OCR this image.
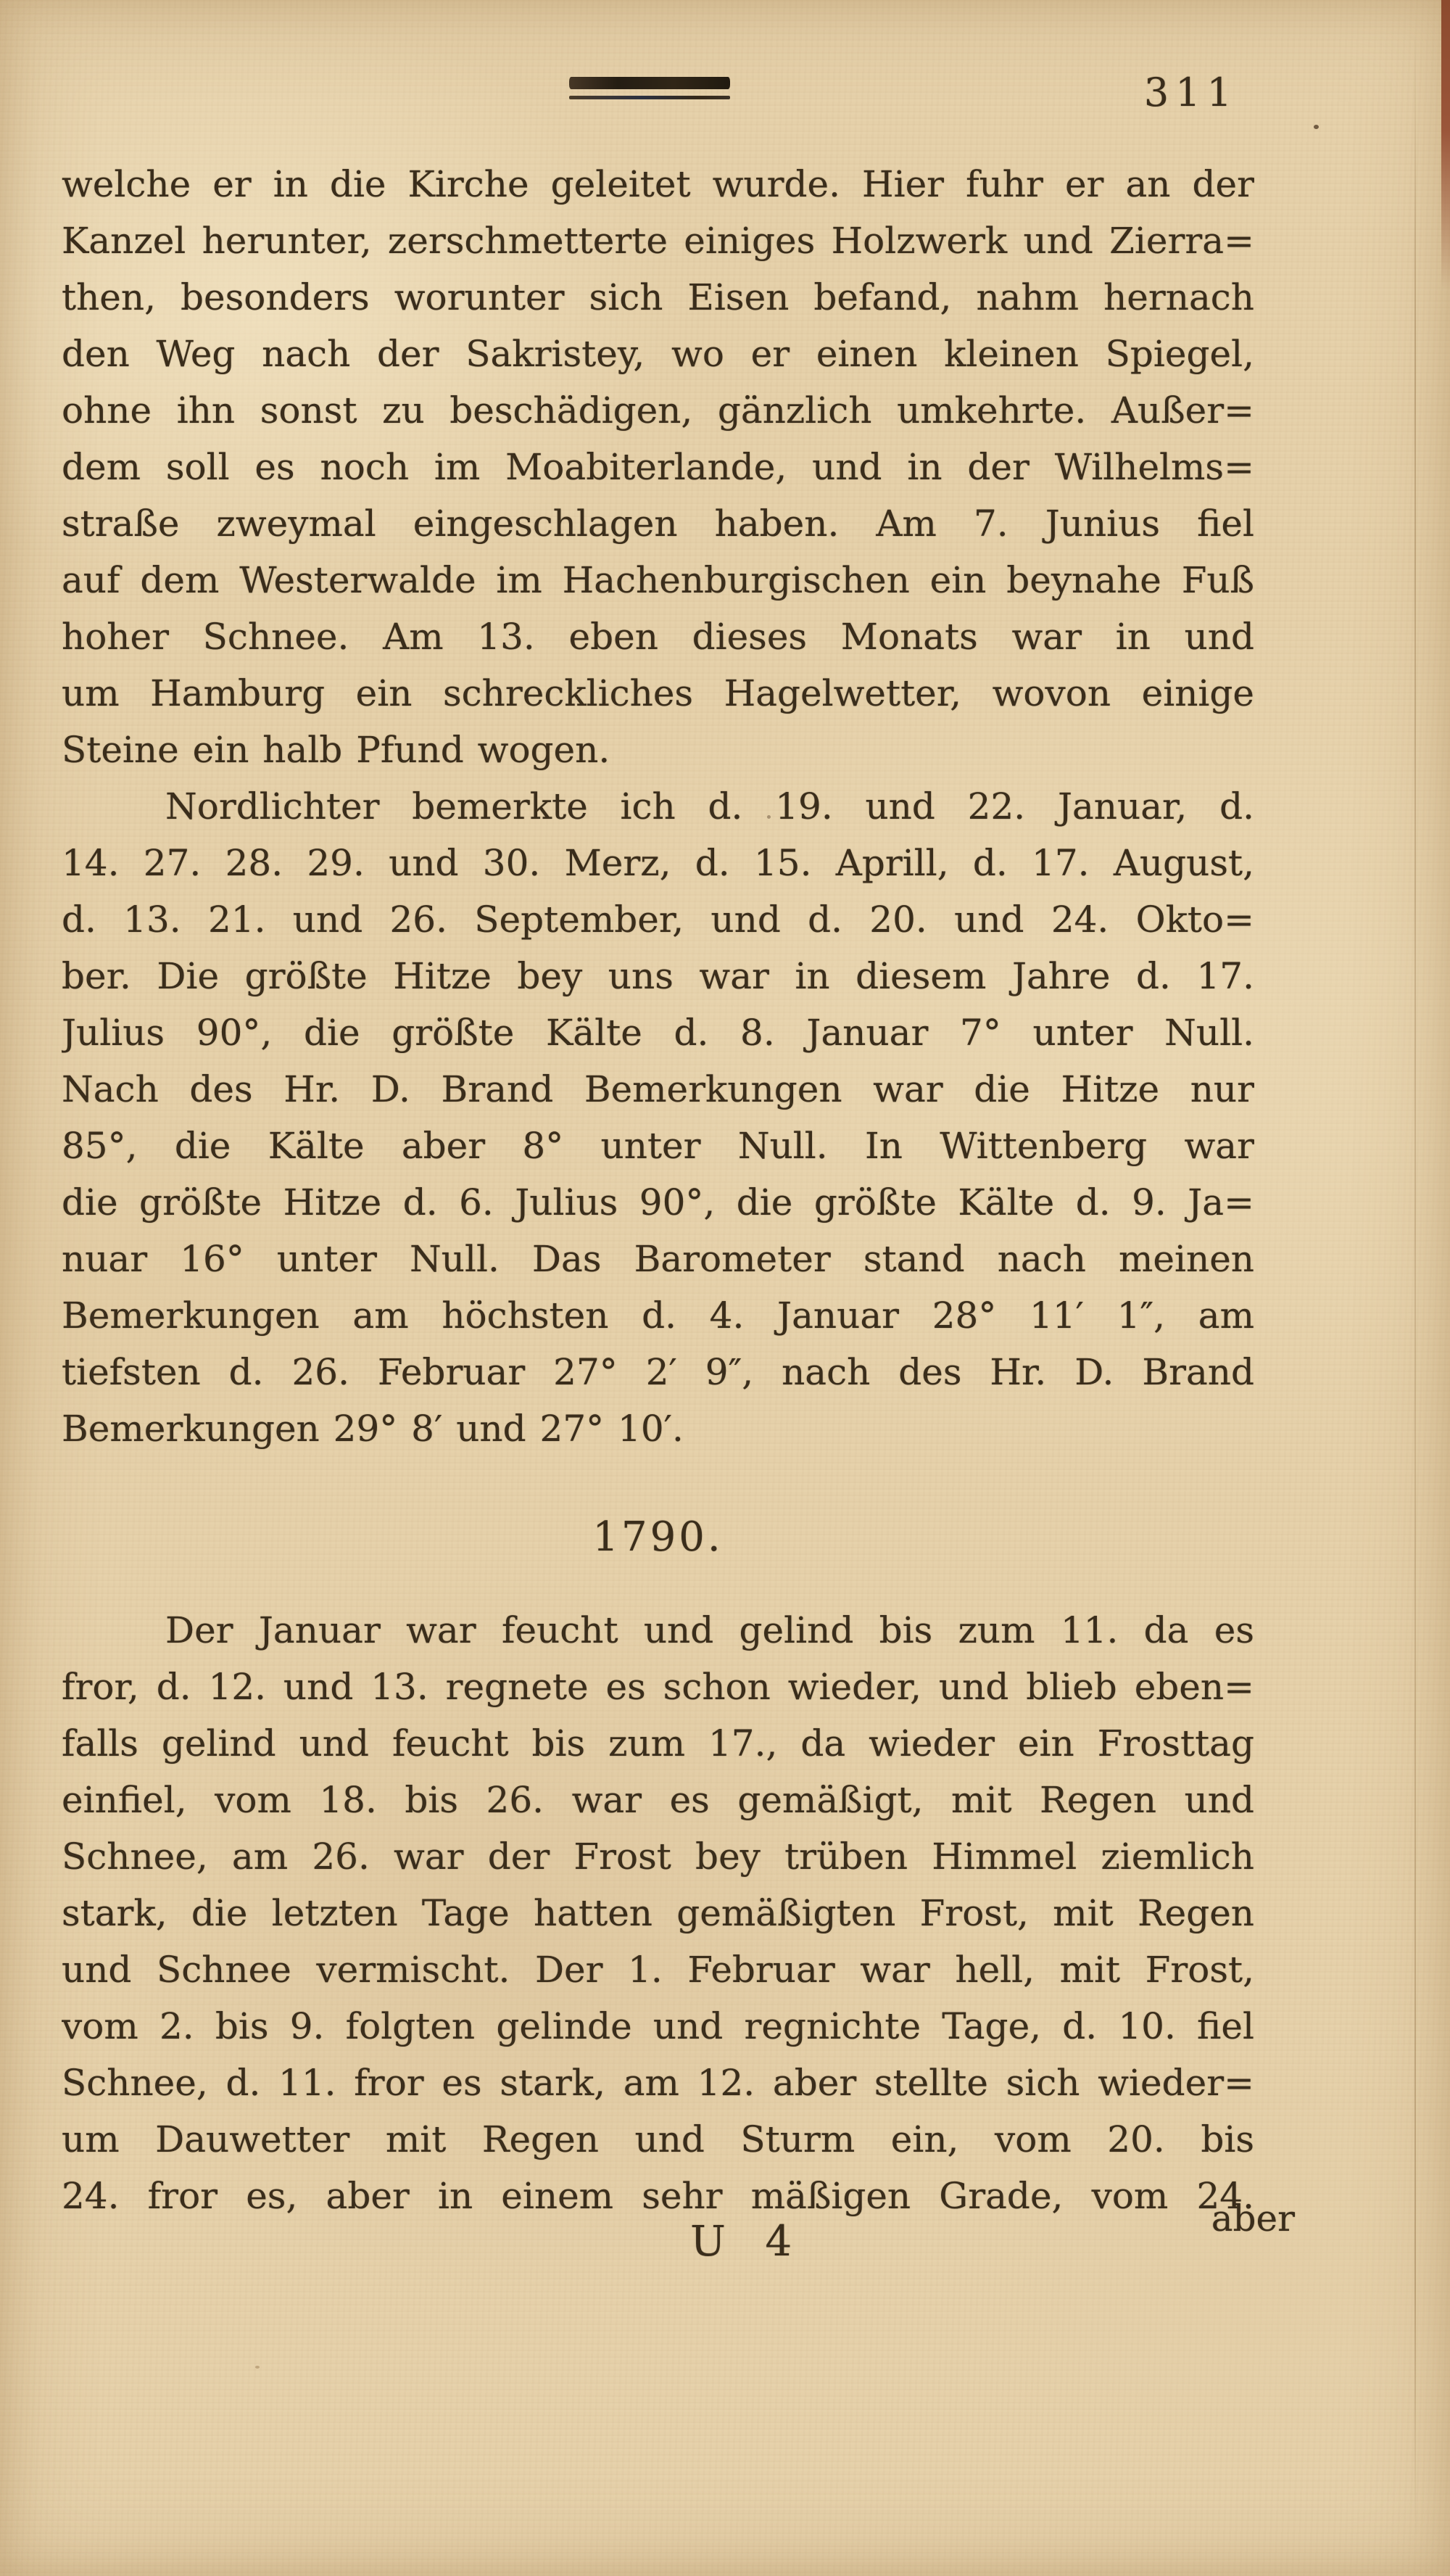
311
welche er in die Kirche geleitet wurde. Hier fuhr er an der
Kanzel herunter, zerschmetterte einiges Holzwerk und Zierra=
then, besonders worunter sich Eisen befand, nahm hernach
den Weg nach der Sakristey, wo er einen kleinen Spiegel,
ohne ihn sonst zu beschädigen, gänzlich umkehrte. Außer=
dem soll es noch im Moabiterlande, und in der Wilhelms=
straße zweymal eingeschlagen haben. Am 7. Junius fiel
auf dem Westerwalde im Hachenburgischen ein beynahe Fuß
hoher Schnee. Am 13. eben dieses Monats war in und
um Hamburg ein schreckliches Hagelwetter, wovon einige
Steine ein halb Pfund wogen.
Nordlichter bemerkte ich d. 19. und 22. Januar, d.
14. 27. 28. 29. und 30. Merz, d. 15. Aprill, d. 17. August,
d. 13. 21. und 26. September, und d. 20. und 24. Okto=
ber. Die größte Hitze bey uns war in diesem Jahre d. 17.
Julius 90°, die größte Kälte d. 8. Januar 7° unter Null.
Nach des Hr. D. Brand Bemerkungen war die Hitze nur
85°, die Kälte aber 8° unter Null. In Wittenberg war
die größte Hitze d. 6. Julius 90°, die größte Kälte d. 9. Ja=
nuar 16° unter Null. Das Barometer stand nach meinen
Bemerkungen am höchsten d. 4. Januar 28° 11′ 1″, am
tiefsten d. 26. Februar 27° 2′ 9″, nach des Hr. D. Brand
Bemerkungen 29° 8′ und 27° 10′.
1790.
Der Januar war feucht und gelind bis zum 11. da es
fror, d. 12. und 13. regnete es schon wieder, und blieb eben=
falls gelind und feucht bis zum 17., da wieder ein Frosttag
einfiel, vom 18. bis 26. war es gemäßigt, mit Regen und
Schnee, am 26. war der Frost bey trüben Himmel ziemlich
stark, die letzten Tage hatten gemäßigten Frost, mit Regen
und Schnee vermischt. Der 1. Februar war hell, mit Frost,
vom 2. bis 9. folgten gelinde und regnichte Tage, d. 10. fiel
Schnee, d. 11. fror es stark, am 12. aber stellte sich wieder=
um Dauwetter mit Regen und Sturm ein, vom 20. bis
24. fror es, aber in einem sehr mäßigen Grade, vom 24.
U 4	aber
